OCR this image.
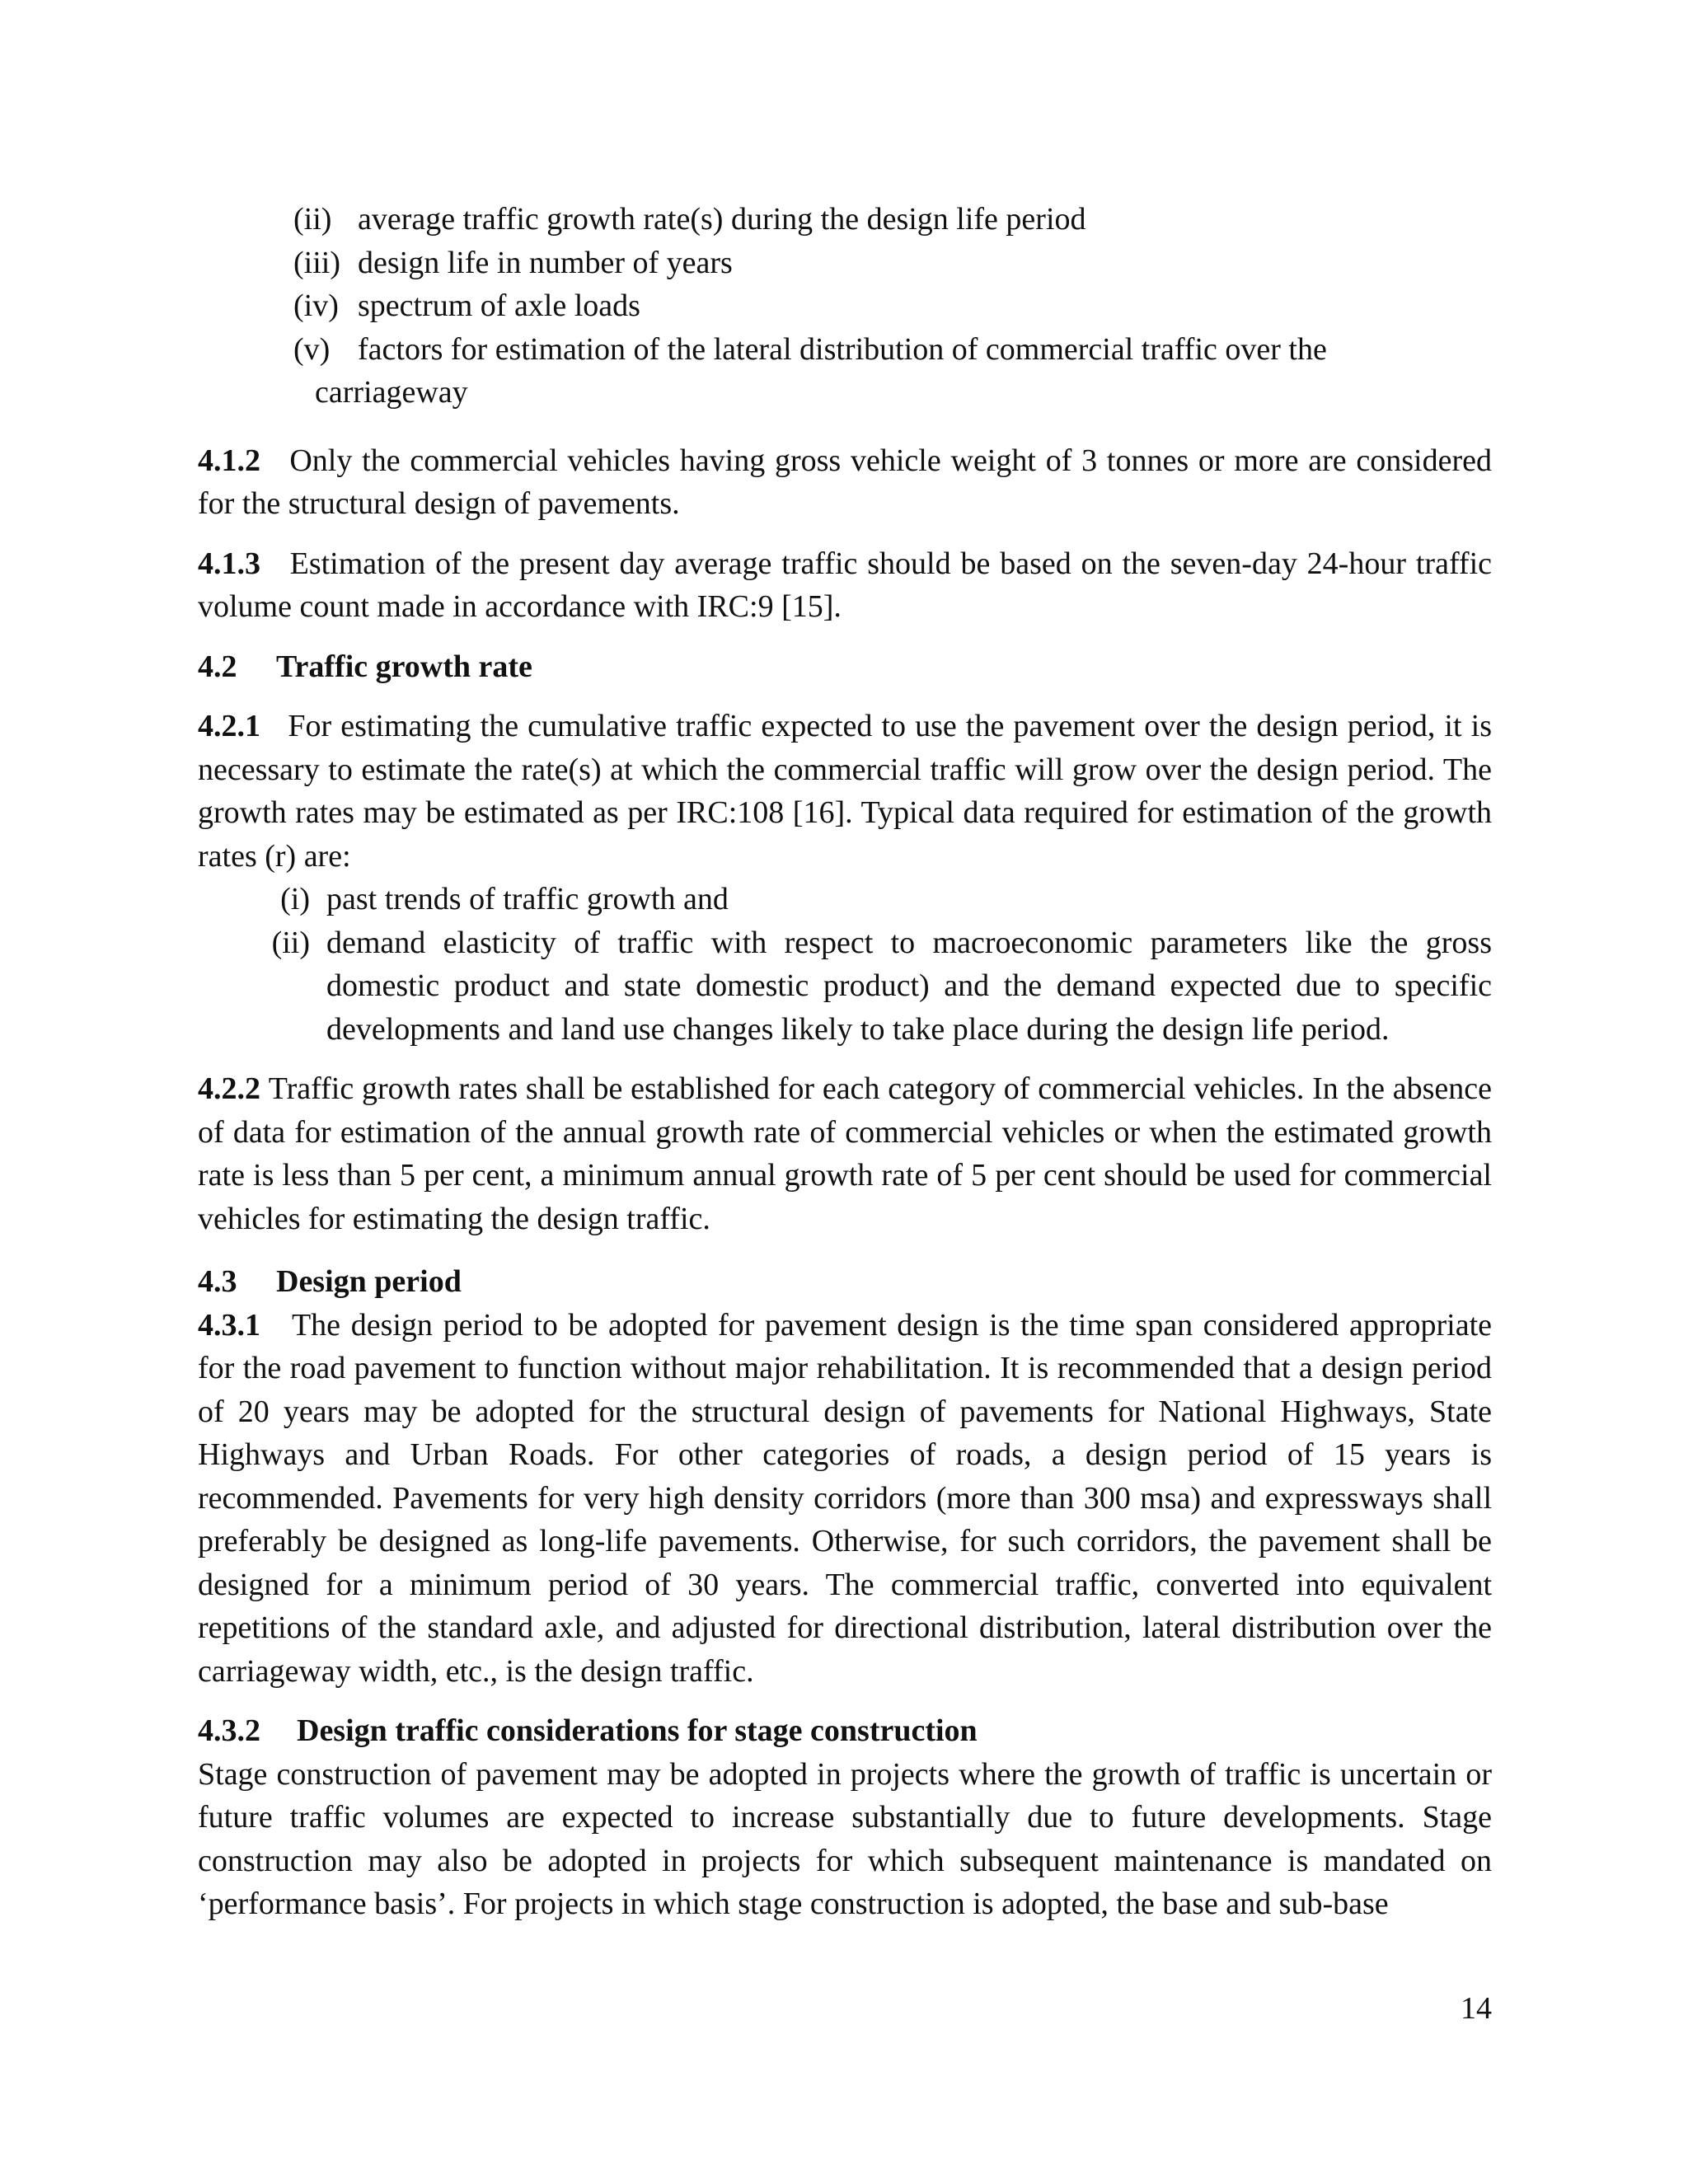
(ii) average traffic growth rate(s) during the design life period
(iii) design life in number of years
(iv) spectrum of axle loads
(v) factors for estimation of the lateral distribution of commercial traffic over the
carriageway

4.1.2 Only the commercial vehicles having gross vehicle weight of 3 tonnes or more are considered for the structural design of pavements.

4.1.3 Estimation of the present day average traffic should be based on the seven-day 24-hour traffic volume count made in accordance with IRC:9 [15].

4.2 Traffic growth rate

4.2.1 For estimating the cumulative traffic expected to use the pavement over the design period, it is necessary to estimate the rate(s) at which the commercial traffic will grow over the design period. The growth rates may be estimated as per IRC:108 [16]. Typical data required for estimation of the growth rates (r) are:

(i) past trends of traffic growth and
(ii) demand elasticity of traffic with respect to macroeconomic parameters like the gross domestic product and state domestic product) and the demand expected due to specific developments and land use changes likely to take place during the design life period.

4.2.2 Traffic growth rates shall be established for each category of commercial vehicles. In the absence of data for estimation of the annual growth rate of commercial vehicles or when the estimated growth rate is less than 5 per cent, a minimum annual growth rate of 5 per cent should be used for commercial vehicles for estimating the design traffic.

4.3 Design period

4.3.1 The design period to be adopted for pavement design is the time span considered appropriate for the road pavement to function without major rehabilitation. It is recommended that a design period of 20 years may be adopted for the structural design of pavements for National Highways, State Highways and Urban Roads. For other categories of roads, a design period of 15 years is recommended. Pavements for very high density corridors (more than 300 msa) and expressways shall preferably be designed as long-life pavements. Otherwise, for such corridors, the pavement shall be designed for a minimum period of 30 years. The commercial traffic, converted into equivalent repetitions of the standard axle, and adjusted for directional distribution, lateral distribution over the carriageway width, etc., is the design traffic.

4.3.2 Design traffic considerations for stage construction

Stage construction of pavement may be adopted in projects where the growth of traffic is uncertain or future traffic volumes are expected to increase substantially due to future developments. Stage construction may also be adopted in projects for which subsequent maintenance is mandated on ‘performance basis’. For projects in which stage construction is adopted, the base and sub-base

14
